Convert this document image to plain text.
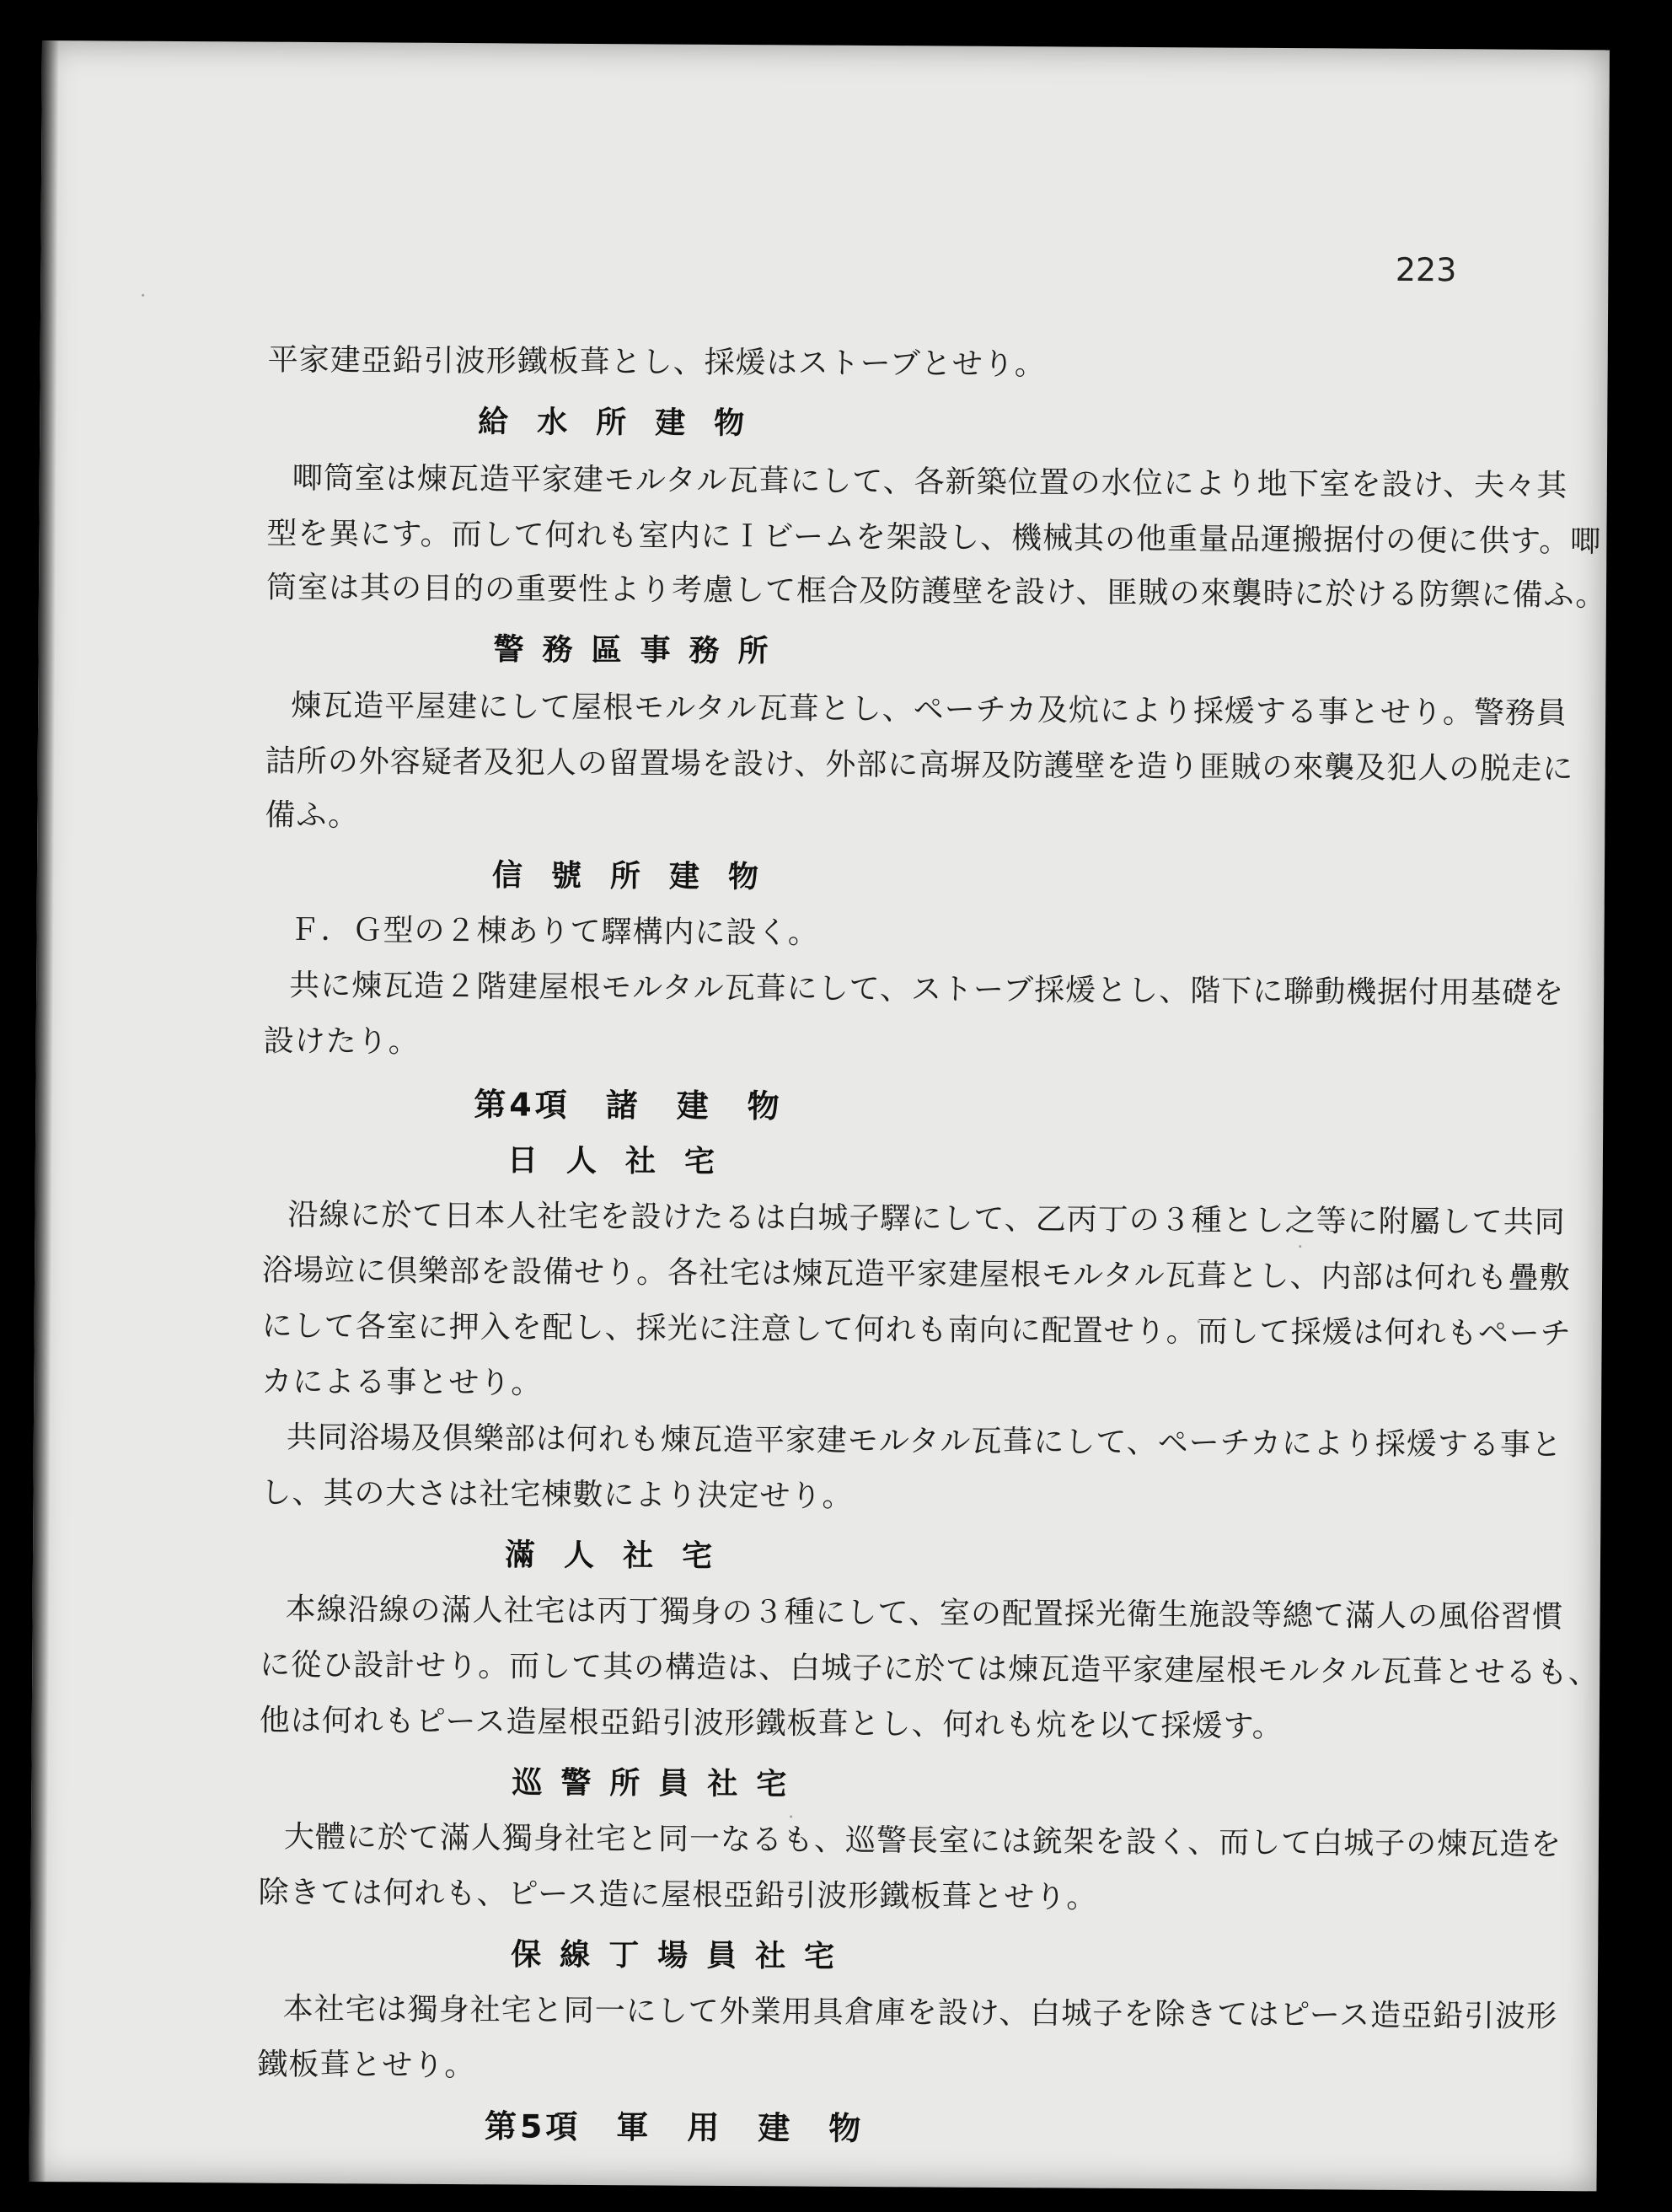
223
平家建亞鉛引波形鐵板葺とし、採煖はストーブとせり。
給水所建物
唧筒室は煉瓦造平家建モルタル瓦葺にして、各新築位置の水位により地下室を設け、夫々其
型を異にす。而して何れも室内にＩビームを架設し、機械其の他重量品運搬据付の便に供す。唧
筒室は其の目的の重要性より考慮して框合及防護壁を設け、匪賊の來襲時に於ける防禦に備ふ。
警務區事務所
煉瓦造平屋建にして屋根モルタル瓦葺とし、ペーチカ及炕により採煖する事とせり。警務員
詰所の外容疑者及犯人の留置場を設け、外部に高塀及防護壁を造り匪賊の來襲及犯人の脱走に
備ふ。
信號所建物
Ｆ．Ｇ型の２棟ありて驛構内に設く。
共に煉瓦造２階建屋根モルタル瓦葺にして、ストーブ採煖とし、階下に聯動機据付用基礎を
設けたり。
第4項　諸　建　物
日人社宅
沿線に於て日本人社宅を設けたるは白城子驛にして、乙丙丁の３種とし之等に附屬して共同
浴場竝に倶樂部を設備せり。各社宅は煉瓦造平家建屋根モルタル瓦葺とし、内部は何れも疊敷
にして各室に押入を配し、採光に注意して何れも南向に配置せり。而して採煖は何れもペーチ
カによる事とせり。
共同浴場及倶樂部は何れも煉瓦造平家建モルタル瓦葺にして、ペーチカにより採煖する事と
し、其の大さは社宅棟數により決定せり。
滿人社宅
本線沿線の滿人社宅は丙丁獨身の３種にして、室の配置採光衛生施設等總て滿人の風俗習慣
に從ひ設計せり。而して其の構造は、白城子に於ては煉瓦造平家建屋根モルタル瓦葺とせるも、
他は何れもピース造屋根亞鉛引波形鐵板葺とし、何れも炕を以て採煖す。
巡警所員社宅
大體に於て滿人獨身社宅と同一なるも、巡警長室には銃架を設く、而して白城子の煉瓦造を
除きては何れも、ピース造に屋根亞鉛引波形鐵板葺とせり。
保線丁場員社宅
本社宅は獨身社宅と同一にして外業用具倉庫を設け、白城子を除きてはピース造亞鉛引波形
鐵板葺とせり。
第5項　軍　用　建　物
